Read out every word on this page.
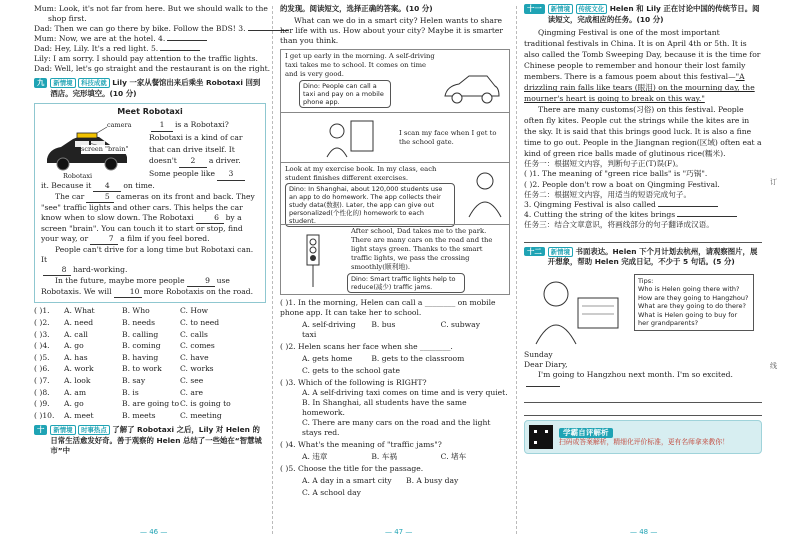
Mum: Look, it's not far from here. But we should walk to the
shop first.
Dad: Then we can go there by bike. Follow the BDS! 3.
Mum: Now, we are at the hotel. 4.
Dad: Hey, Lily. It's a red light. 5.
Lily: I am sorry. I should pay attention to the traffic lights.
Dad: Well, let's go straight and the restaurant is on the right.
九	新情境 科技成就 Lily 一家从餐馆出来后乘坐 Robotaxi 回到酒店。完形填空。(10 分)
Meet Robotaxi
camera
screen "brain"
Robotaxi
1 is a Robotaxi?
Robotaxi is a kind of car
that can drive itself. It
doesn't 2 a driver.
Some people like 3
it. Because it 4 on time.
The car	5 cameras on its front and back. They "see" traffic lights and other cars. This helps the car know when to slow down. The Robotaxi	6 by a screen "brain". You can touch it to start or stop, find your way, or	7 a film if you feel bored.
People can't drive for a long time but Robotaxi can. It
8 hard-working.
In the future, maybe more people	9 use Robotaxis. We will 10 more Robotaxis on the road.
( )1.	A. What	B. Who	C. How
( )2.	A. need	B. needs	C. to need
( )3.	A. call	B. calling	C. calls
( )4.	A. go	B. coming	C. comes
( )5.	A. has	B. having	C. have
( )6.	A. work	B. to work	C. works
( )7.	A. look	B. say	C. see
( )8.	A. am	B. is	C. are
( )9.	A. go	B. are going to C. is going to
( )10.	A. meet	B. meets	C. meeting
十	新情境 时事热点 了解了 Robotaxi 之后，Lily 对 Helen 的日常生活愈发好奇。善于观察的 Helen 总结了一些她在“智慧城市”中
— 46 —
的发现。阅读短文，选择正确的答案。(10 分)
What can we do in a smart city? Helen wants to share her life with us. How about your city? Maybe it is smarter than you think.
I get up early in the morning. A self-driving taxi takes me to school. It comes on time and is very good.
Dino: People can call a taxi and pay on a mobile phone app.
I scan my face when I get to the school gate.
Look at my exercise book. In my class, each student finishes different exercises.
Dino: In Shanghai, about 120,000 students use an app to do homework. The app collects their study data(数据). Later, the app can give out personalized(个性化的) homework to each student.
After school, Dad takes me to the park. There are many cars on the road and the light stays green. Thanks to the smart traffic lights, we pass the crossing smoothly(顺利地).
Dino: Smart traffic lights help to reduce(减少) traffic jams.
( )1. In the morning, Helen can call a ________ on mobile phone app. It can take her to school.
A. self-driving taxi
B. bus	C. subway
( )2. Helen scans her face when she ________.
A. gets home	B. gets to the classroom
C. gets to the school gate
( )3. Which of the following is RIGHT?
A. A self-driving taxi comes on time and is very quiet.
B. In Shanghai, all students have the same homework.
C. There are many cars on the road and the light stays red.
( )4. What's the meaning of "traffic jams"?
A. 违章	B. 车祸	C. 堵车
( )5. Choose the title for the passage.
A. A day in a smart city	B. A busy day
C. A school day
— 47 —
十一	新情境 传统文化 Helen 和 Lily 正在讨论中国的传统节日。阅读短文，完成相应的任务。(10 分)
Qingming Festival is one of the most important traditional festivals in China. It is on April 4th or 5th. It is also called the Tomb Sweeping Day, because it is the time for Chinese people to remember and honour their lost family members. There is a famous poem about this festival—"A drizzling rain falls like tears (眼泪) on the mourning day, the mourner's heart is going to break on this way."
There are many customs(习俗) on this festival. People often fly kites. People cut the strings while the kites are in the sky. It is said that this brings good luck. It is also a fine time to go out. People in the Jiangnan region(区域) often eat a kind of green rice balls made of glutinous rice(糯米).
任务一：根据短文内容，判断句子正(T)误(F)。
( )1. The meaning of "green rice balls" is "巧锅".
( )2. People don't row a boat on Qingming Festival.
任务二：根据短文内容，用适当的短语完成句子。
3. Qingming Festival is also called
4. Cutting the string of the kites brings
任务三：结合文章意识，将画线部分的句子翻译成汉语。
十二	新情境 书面表达。Helen 下个月计划去杭州，请观察图片，展开想象，帮助 Helen 完成日记，不少于 5 句话。(5 分)
Tips:
Who is Helen going there with?
How are they going to Hangzhou?
What are they going to do there?
What is Helen going to buy for her grandparents?
Sunday
Dear Diary,
I'm going to Hangzhou next month. I'm so excited.
学霸自评解析
扫码或答案解析，精细化评价标准，更有名师拿来教你！
— 48 —
订
线
